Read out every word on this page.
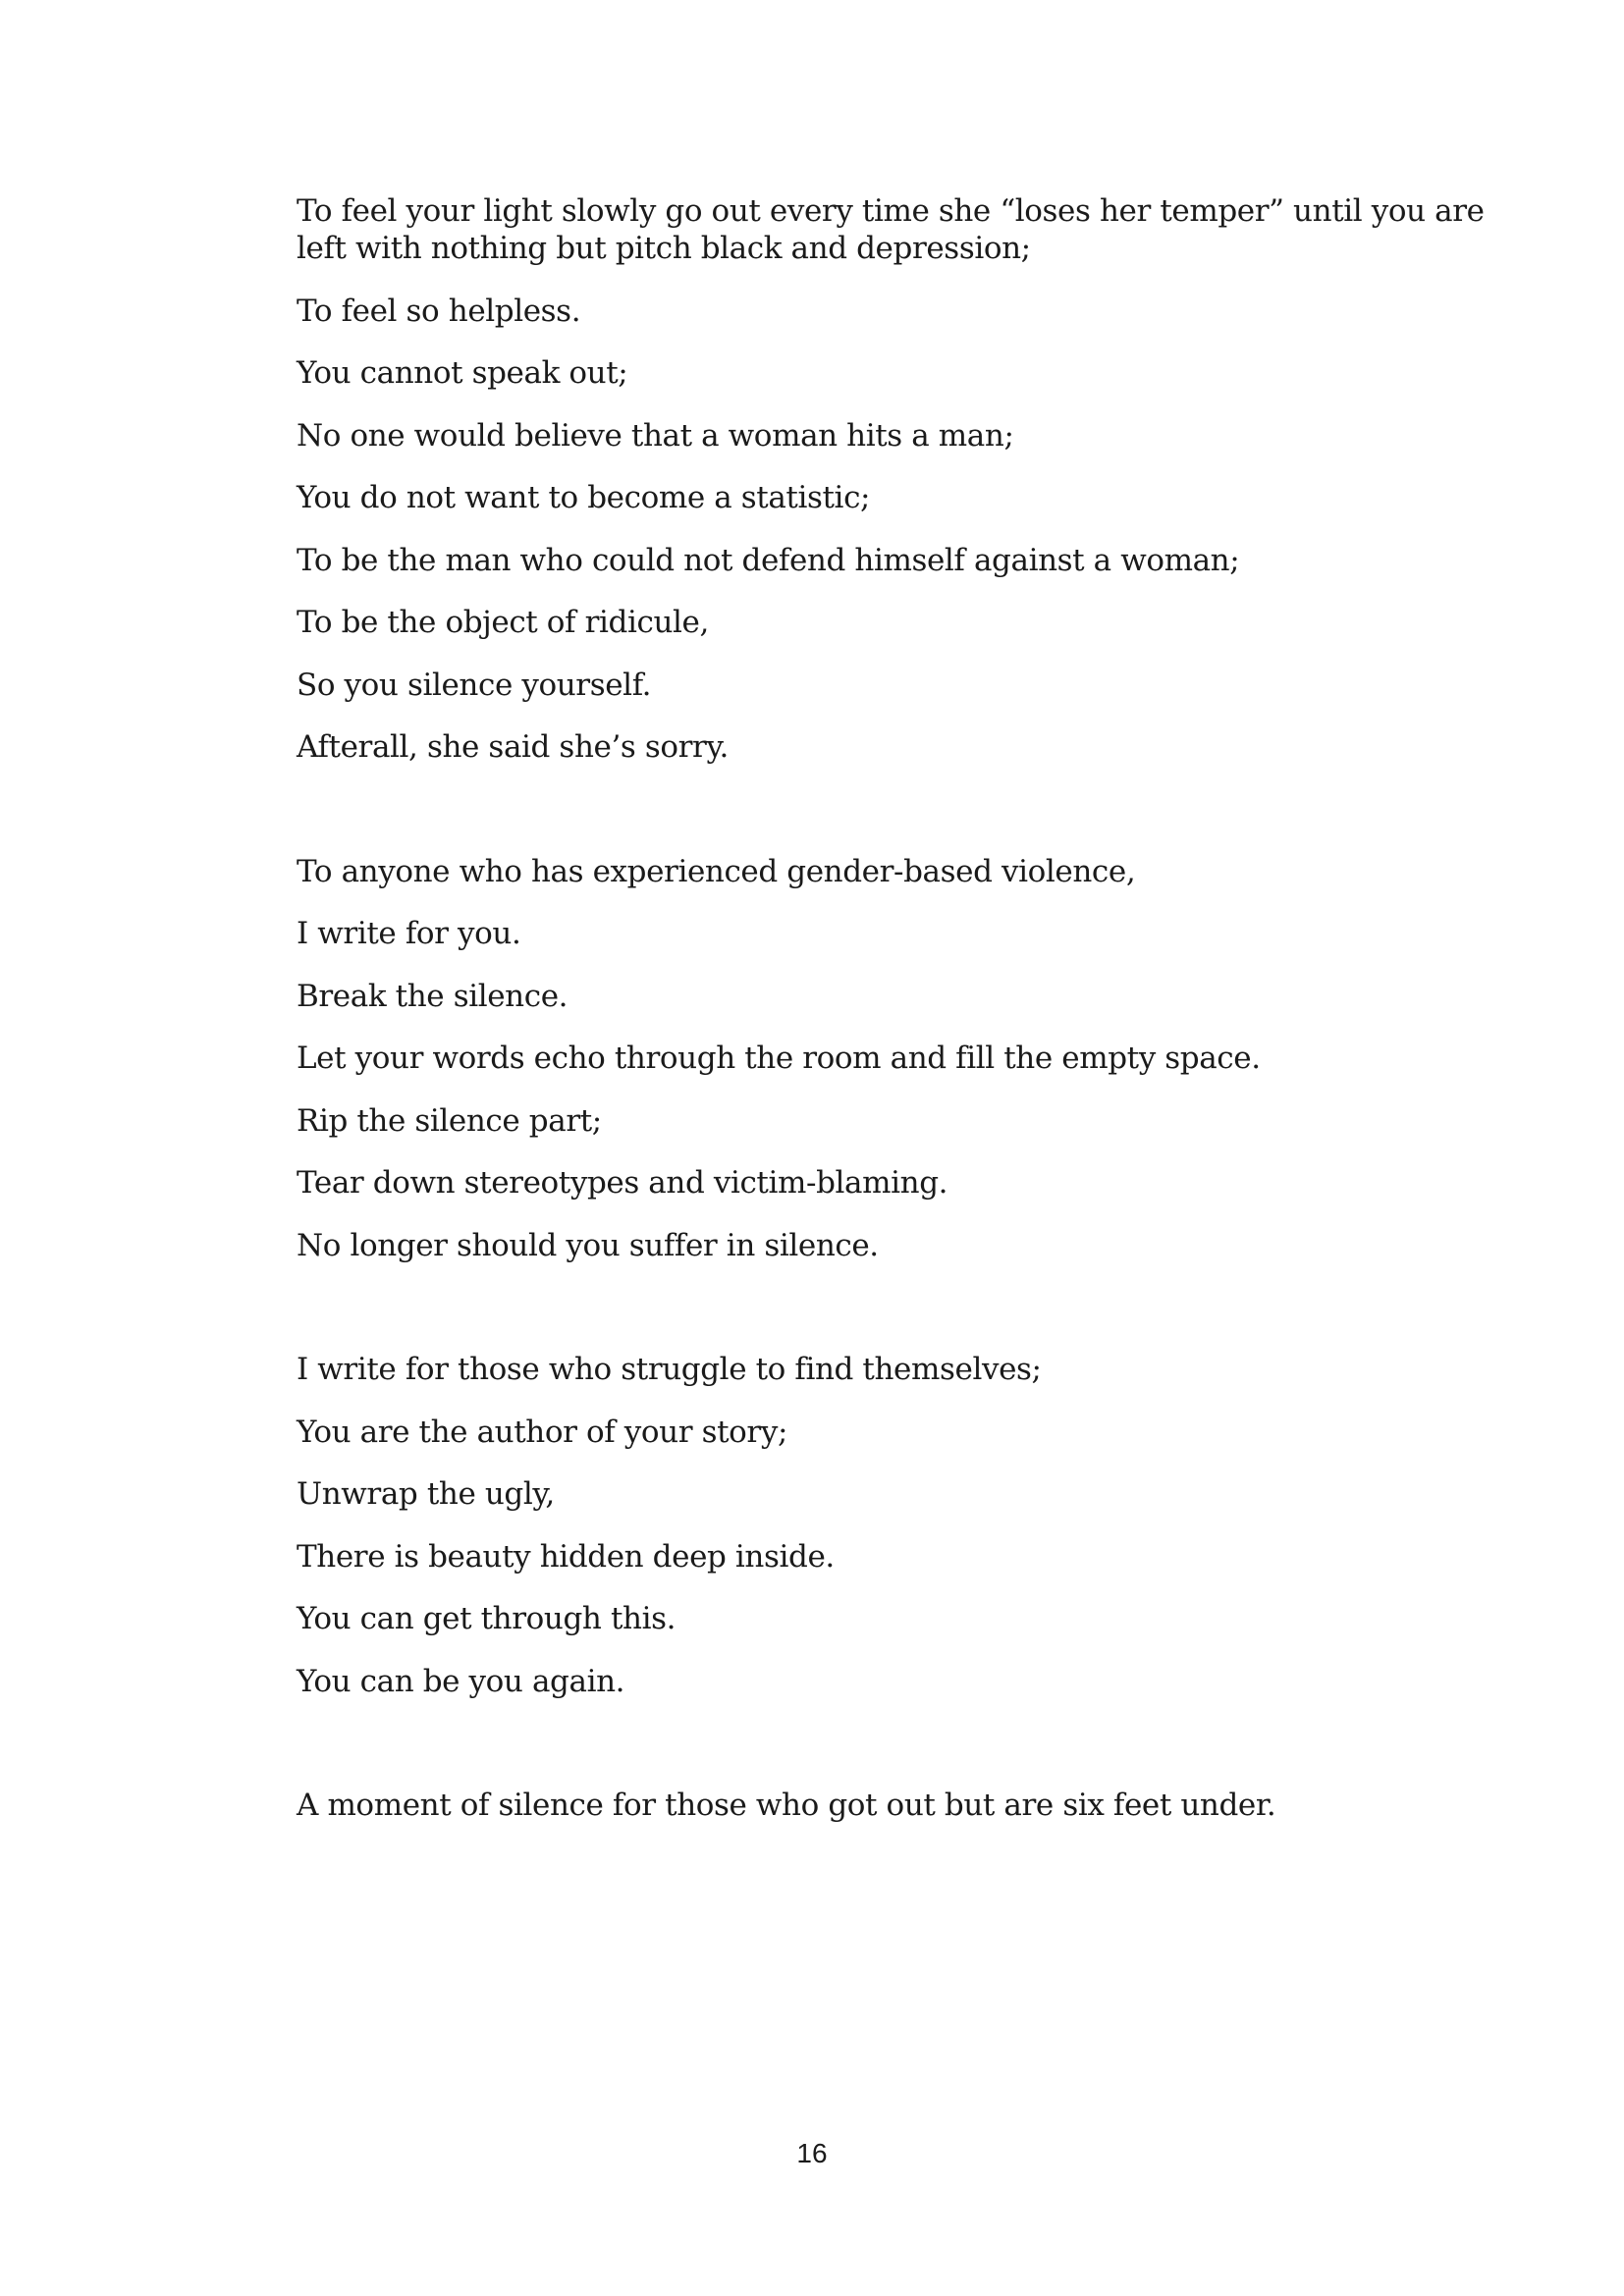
To feel your light slowly go out every time she “loses her temper” until you are
left with nothing but pitch black and depression;
To feel so helpless.
You cannot speak out;
No one would believe that a woman hits a man;
You do not want to become a statistic;
To be the man who could not defend himself against a woman;
To be the object of ridicule,
So you silence yourself.
Afterall, she said she’s sorry.
To anyone who has experienced gender-based violence,
I write for you.
Break the silence.
Let your words echo through the room and fill the empty space.
Rip the silence part;
Tear down stereotypes and victim-blaming.
No longer should you suffer in silence.
I write for those who struggle to find themselves;
You are the author of your story;
Unwrap the ugly,
There is beauty hidden deep inside.
You can get through this.
You can be you again.
A moment of silence for those who got out but are six feet under.
16
